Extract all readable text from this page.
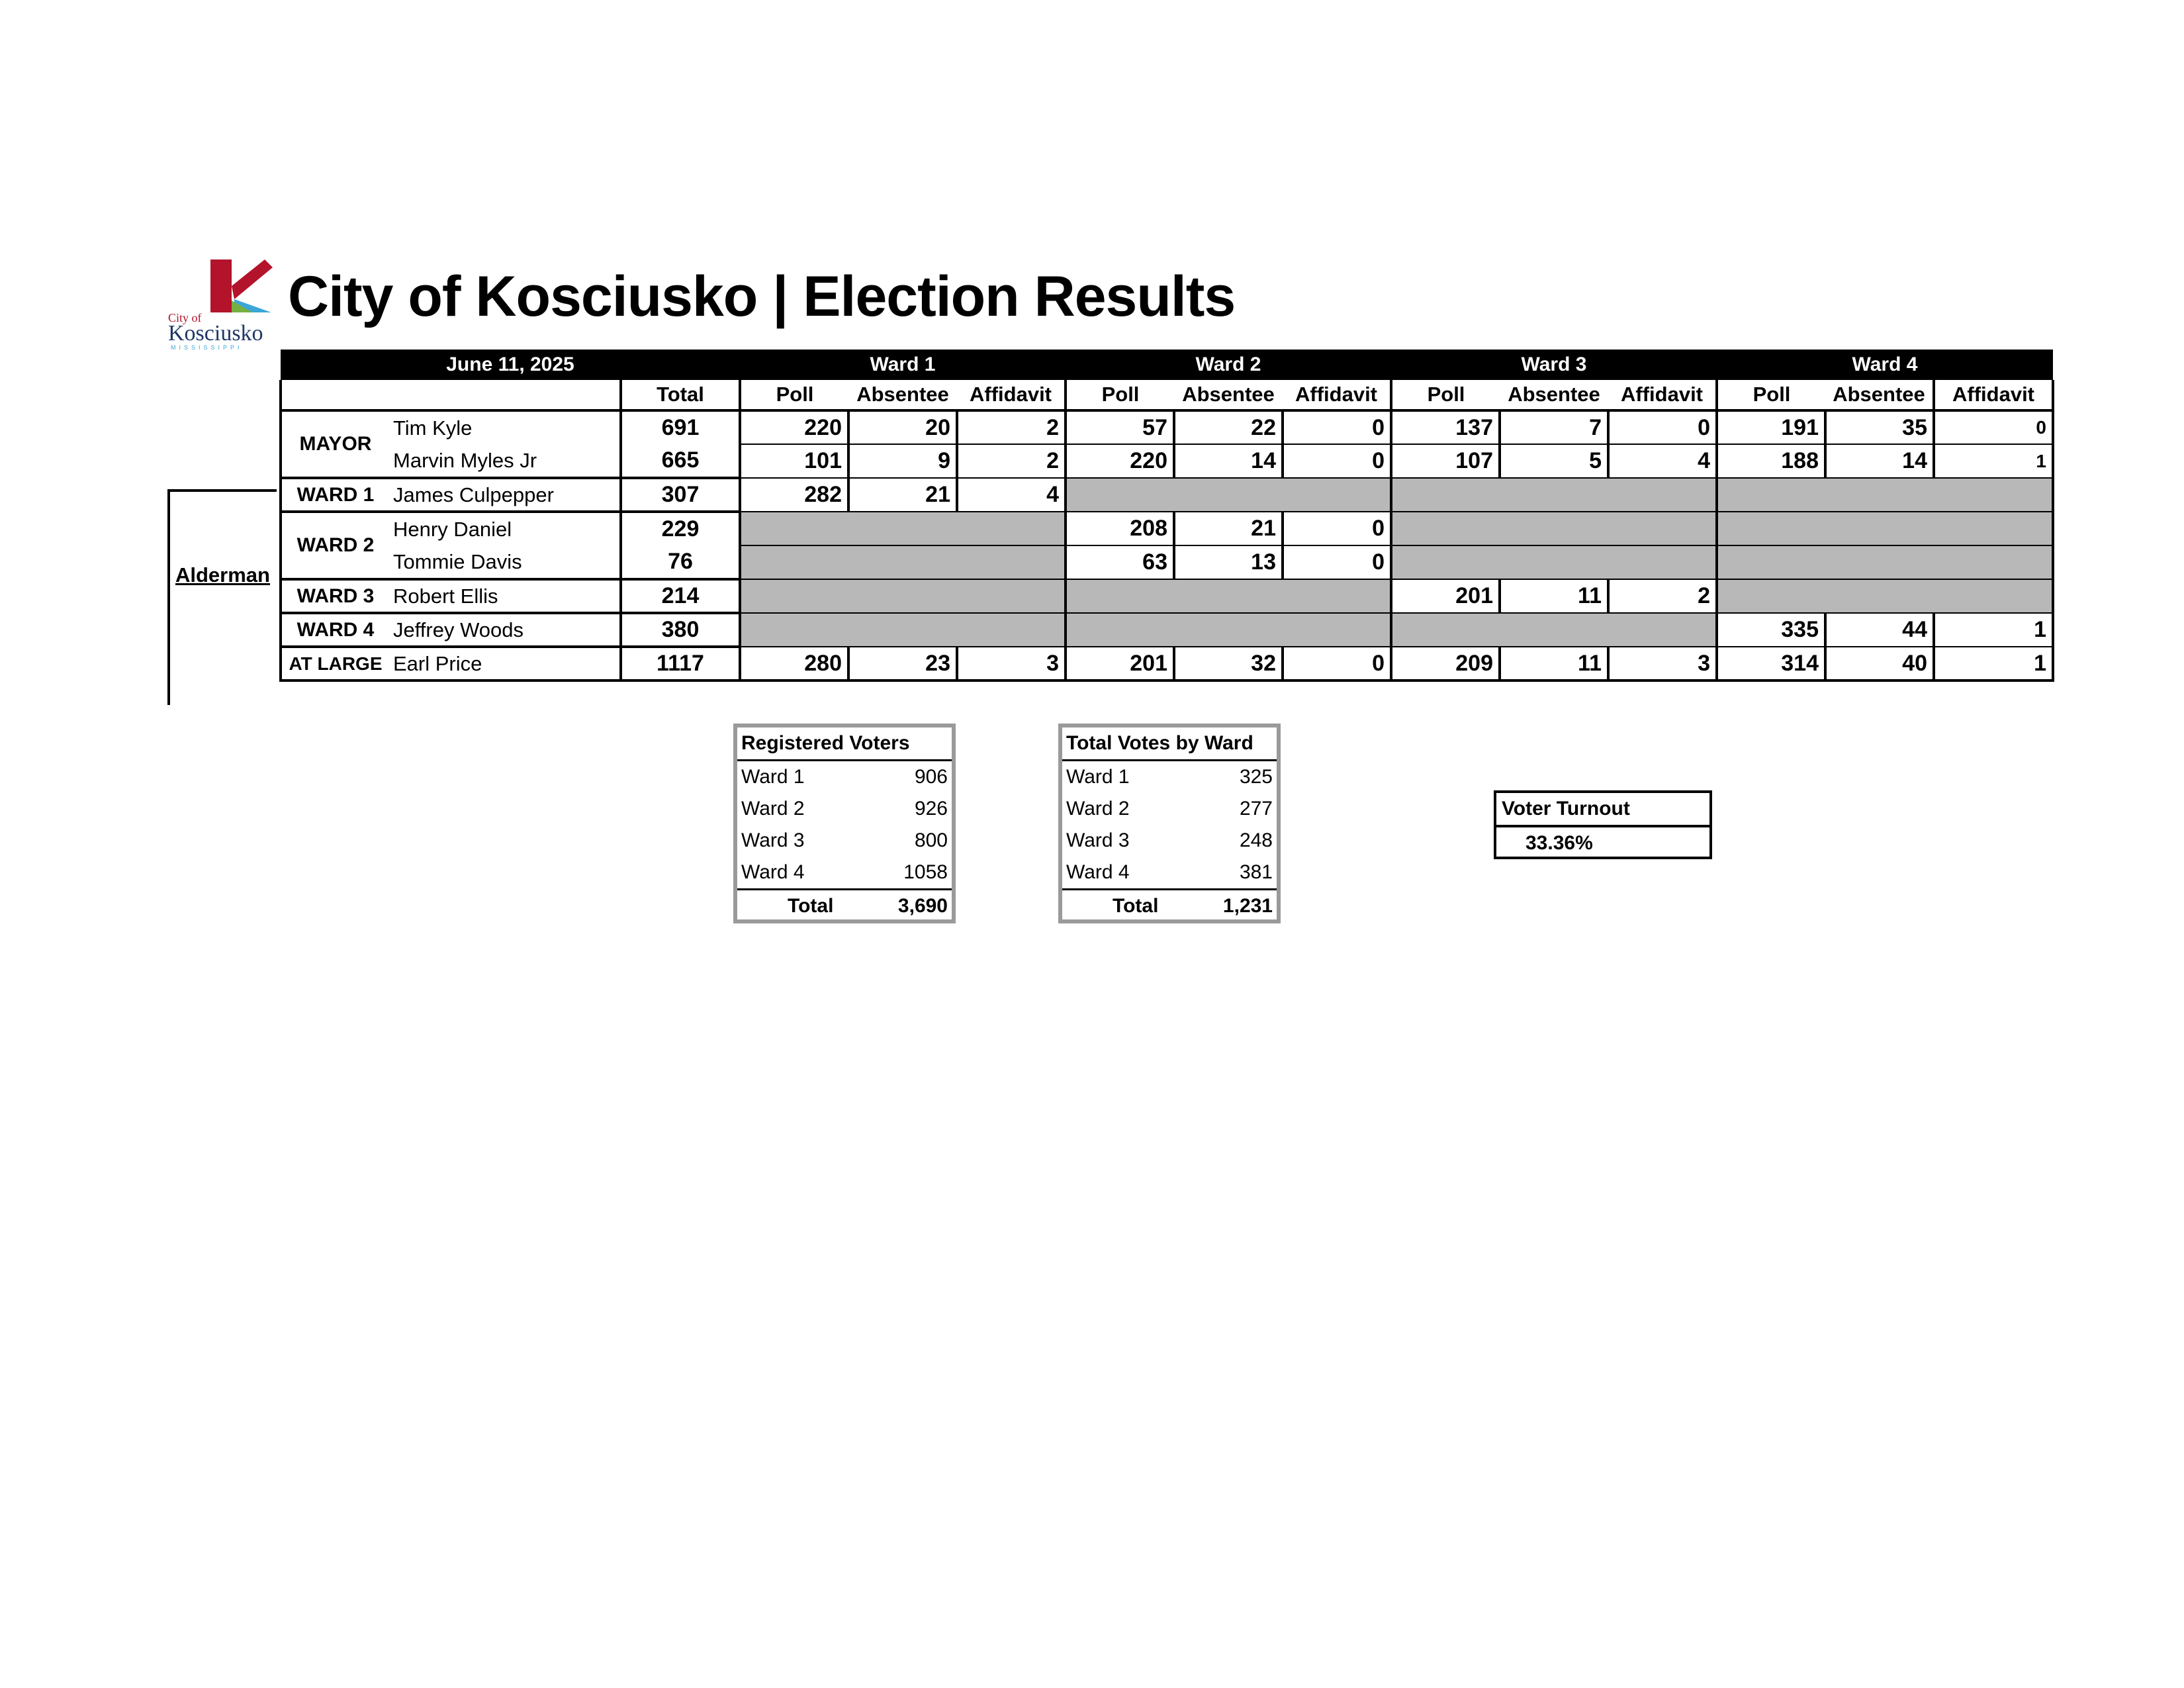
City of
Kosciusko
MISSISSIPPI
City of Kosciusko | Election Results
Alderman
June 11, 2025			Ward 1			Ward 2			Ward 3			Ward 4		
		Total	Poll	Absentee	Affidavit	Poll	Absentee	Affidavit	Poll	Absentee	Affidavit	Poll	Absentee	Affidavit
MAYOR	Tim Kyle	691	220	20	2	57	22	0	137	7	0	191	35	0
	Marvin Myles Jr	665	101	9	2	220	14	0	107	5	4	188	14	1
WARD 1	James Culpepper	307	282	21	4									
WARD 2	Henry Daniel	229				208	21	0						
	Tommie Davis	76				63	13	0						
WARD 3	Robert Ellis	214							201	11	2			
WARD 4	Jeffrey Woods	380										335	44	1
AT LARGE	Earl Price	1117	280	23	3	201	32	0	209	11	3	314	40	1
Registered Voters
Ward 1	906
Ward 2	926
Ward 3	800
Ward 4	1058
Total	3,690
Total Votes by Ward
Ward 1	325
Ward 2	277
Ward 3	248
Ward 4	381
Total	1,231
Voter Turnout
33.36%
